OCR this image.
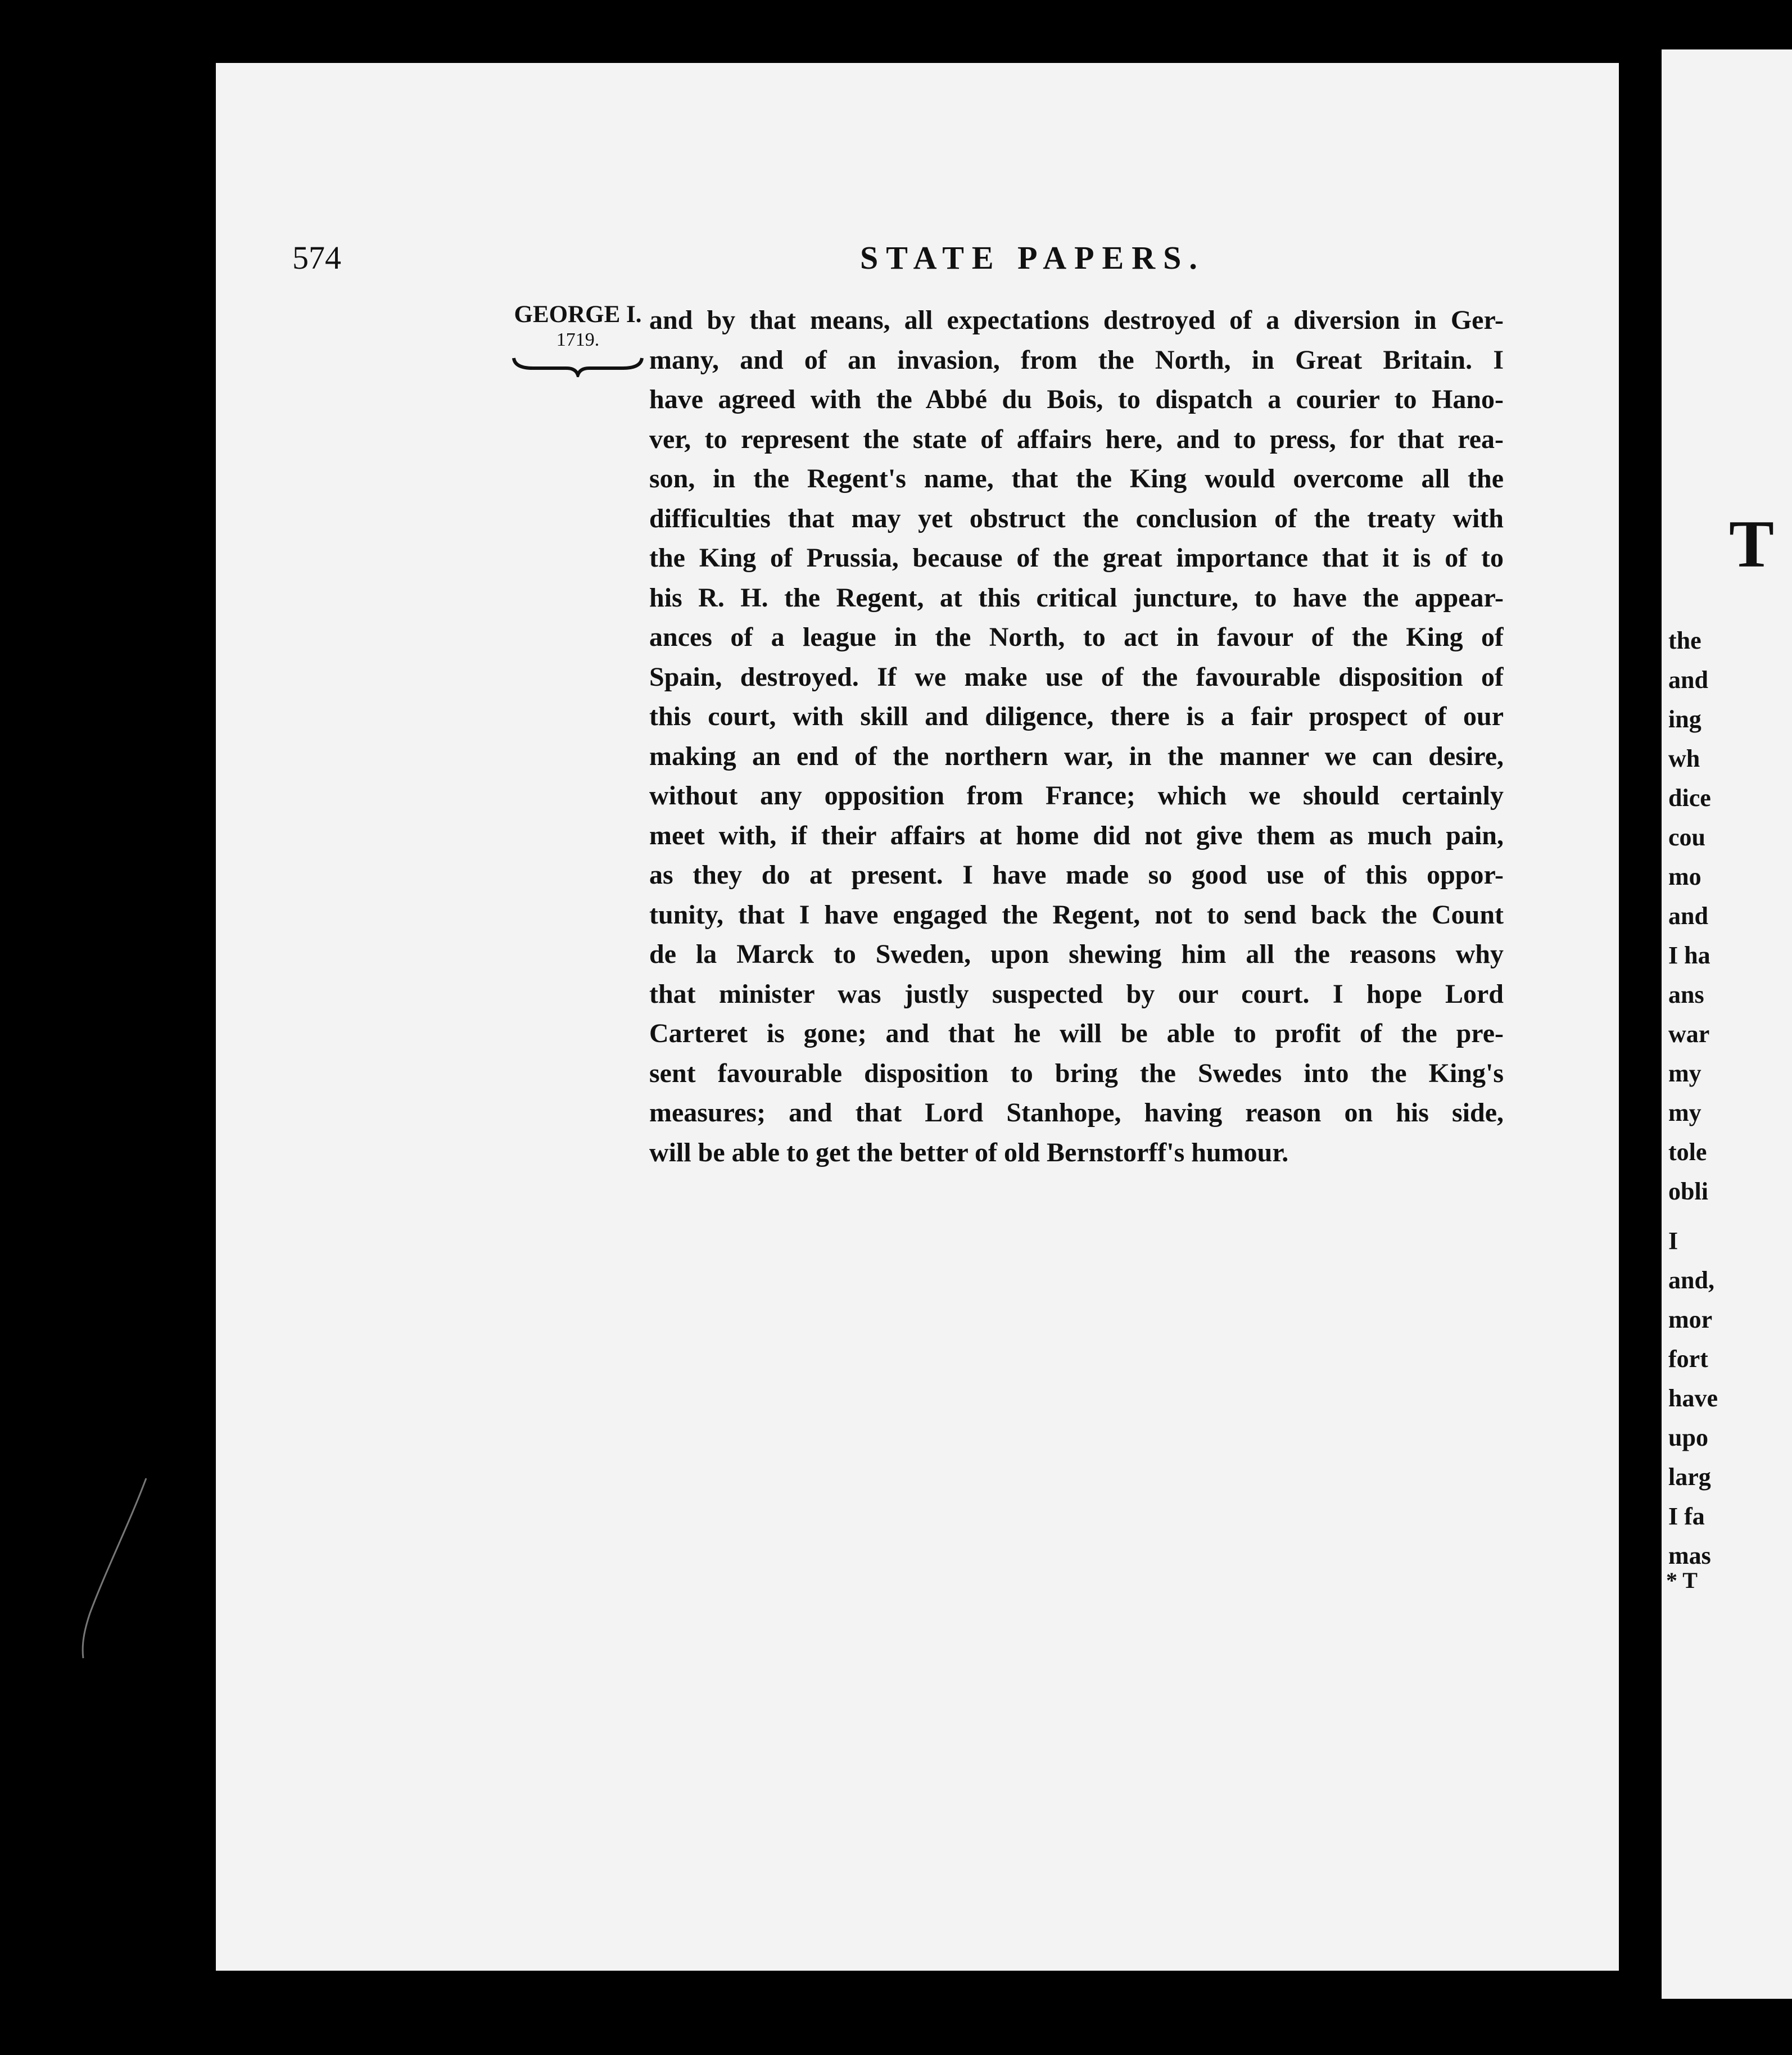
574	STATE PAPERS.
GEORGE I.
1719.
and by that means, all expectations destroyed of a diversion in Ger-
many, and of an invasion, from the North, in Great Britain. I
have agreed with the Abbé du Bois, to dispatch a courier to Hano-
ver, to represent the state of affairs here, and to press, for that rea-
son, in the Regent's name, that the King would overcome all the
difficulties that may yet obstruct the conclusion of the treaty with
the King of Prussia, because of the great importance that it is of to
his R. H. the Regent, at this critical juncture, to have the appear-
ances of a league in the North, to act in favour of the King of
Spain, destroyed. If we make use of the favourable disposition of
this court, with skill and diligence, there is a fair prospect of our
making an end of the northern war, in the manner we can desire,
without any opposition from France; which we should certainly
meet with, if their affairs at home did not give them as much pain,
as they do at present. I have made so good use of this oppor-
tunity, that I have engaged the Regent, not to send back the Count
de la Marck to Sweden, upon shewing him all the reasons why
that minister was justly suspected by our court. I hope Lord
Carteret is gone; and that he will be able to profit of the pre-
sent favourable disposition to bring the Swedes into the King's
measures; and that Lord Stanhope, having reason on his side,
will be able to get the better of old Bernstorff's humour.
T
the
and
ing
wh
dice
cou
mo
and
I ha
ans
war
my
my
tole
obli
I
and,
mor
fort
have
upo
larg
I fa
mas
* T
